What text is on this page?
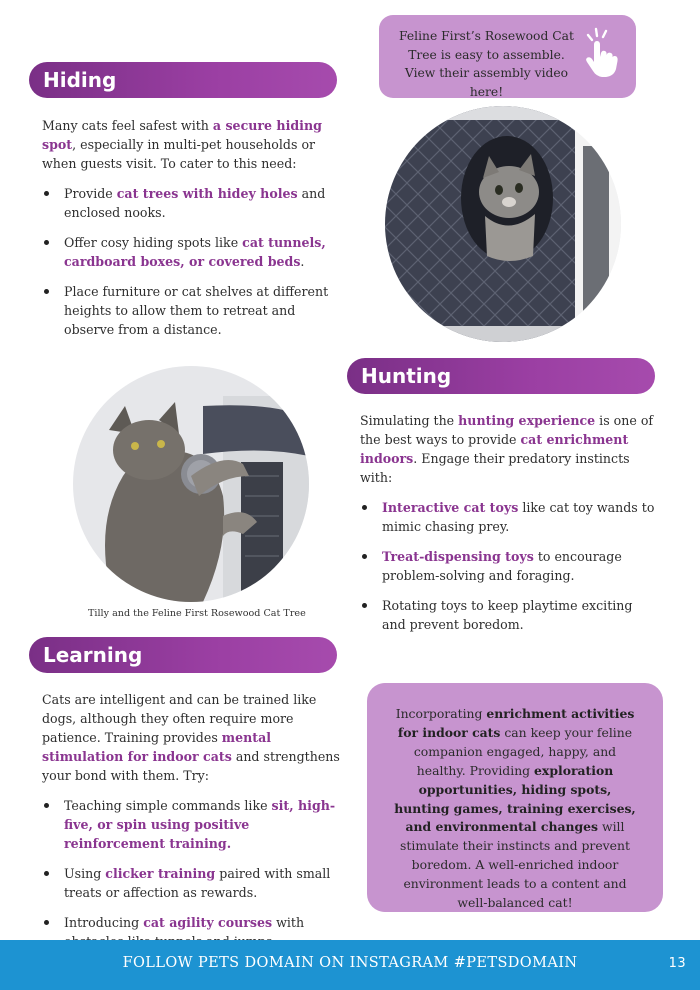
Feline First’s Rosewood Cat Tree is easy to assemble. View their assembly video here!
Hiding

Many cats feel safest with a secure hiding spot, especially in multi-pet households or when guests visit. To cater to this need:

Provide cat trees with hidey holes and enclosed nooks.
Offer cosy hiding spots like cat tunnels, cardboard boxes, or covered beds.
Place furniture or cat shelves at different heights to allow them to retreat and observe from a distance.
Hunting

Simulating the hunting experience is one of the best ways to provide cat enrichment indoors. Engage their predatory instincts with:

Interactive cat toys like cat toy wands to mimic chasing prey.
Treat-dispensing toys to encourage problem-solving and foraging.
Rotating toys to keep playtime exciting and prevent boredom.
Tilly and the Feline First Rosewood Cat Tree
Learning

Cats are intelligent and can be trained like dogs, although they often require more patience. Training provides mental stimulation for indoor cats and strengthens your bond with them. Try:

Teaching simple commands like sit, high-five, or spin using positive reinforcement training.
Using clicker training paired with small treats or affection as rewards.
Introducing cat agility courses with
Incorporating enrichment activities for indoor cats can keep your feline companion engaged, happy, and healthy. Providing exploration opportunities, hiding spots, hunting games, training exercises, and environmental changes will stimulate their instincts and prevent boredom. A well-enriched indoor environment leads to a content and well-balanced cat!
FOLLOW PETS DOMAIN ON INSTAGRAM #PETSDOMAIN	13
